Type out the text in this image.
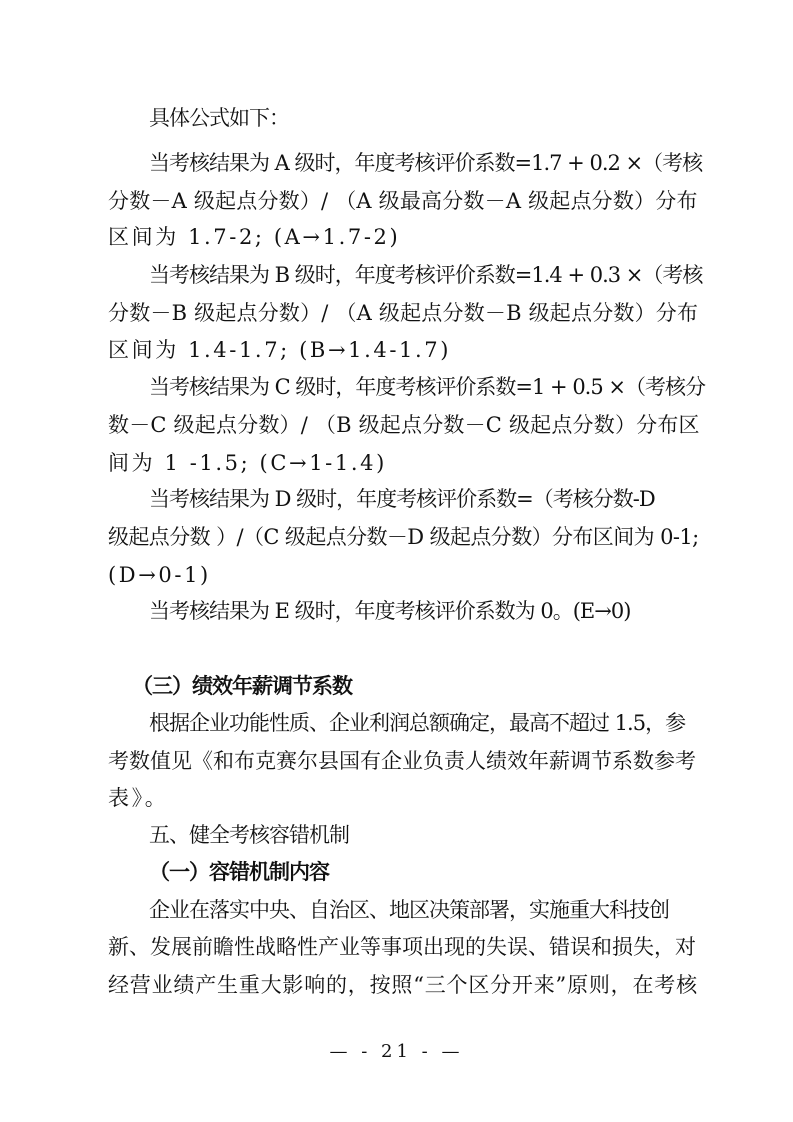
具体公式如下：
当考核结果为 A 级时，年度考核评价系数=1.7 + 0.2 ×（考核
分数－A 级起点分数）/ （A 级最高分数－A 级起点分数）分布
区间为 1.7-2; (A→1.7-2)
当考核结果为 B 级时，年度考核评价系数=1.4 + 0.3 ×（考核
分数－B 级起点分数）/ （A 级起点分数－B 级起点分数）分布
区间为 1.4-1.7; (B→1.4-1.7)
当考核结果为 C 级时，年度考核评价系数=1 + 0.5 ×（考核分
数－C 级起点分数）/ （B 级起点分数－C 级起点分数）分布区
间为 1 -1.5; (C→1-1.4)
当考核结果为 D 级时，年度考核评价系数=（考核分数-D
级起点分数 ）/（C 级起点分数－D 级起点分数）分布区间为 0-1;
(D→0-1)
当考核结果为 E 级时，年度考核评价系数为 0。(E→0)
（三）绩效年薪调节系数
根据企业功能性质、企业利润总额确定，最高不超过 1.5，参
考数值见《和布克赛尔县国有企业负责人绩效年薪调节系数参考
表》。
五、健全考核容错机制
（一）容错机制内容
企业在落实中央、自治区、地区决策部署，实施重大科技创
新、发展前瞻性战略性产业等事项出现的失误、错误和损失，对
经营业绩产生重大影响的，按照“三个区分开来”原则，在考核
— - 21 - —
